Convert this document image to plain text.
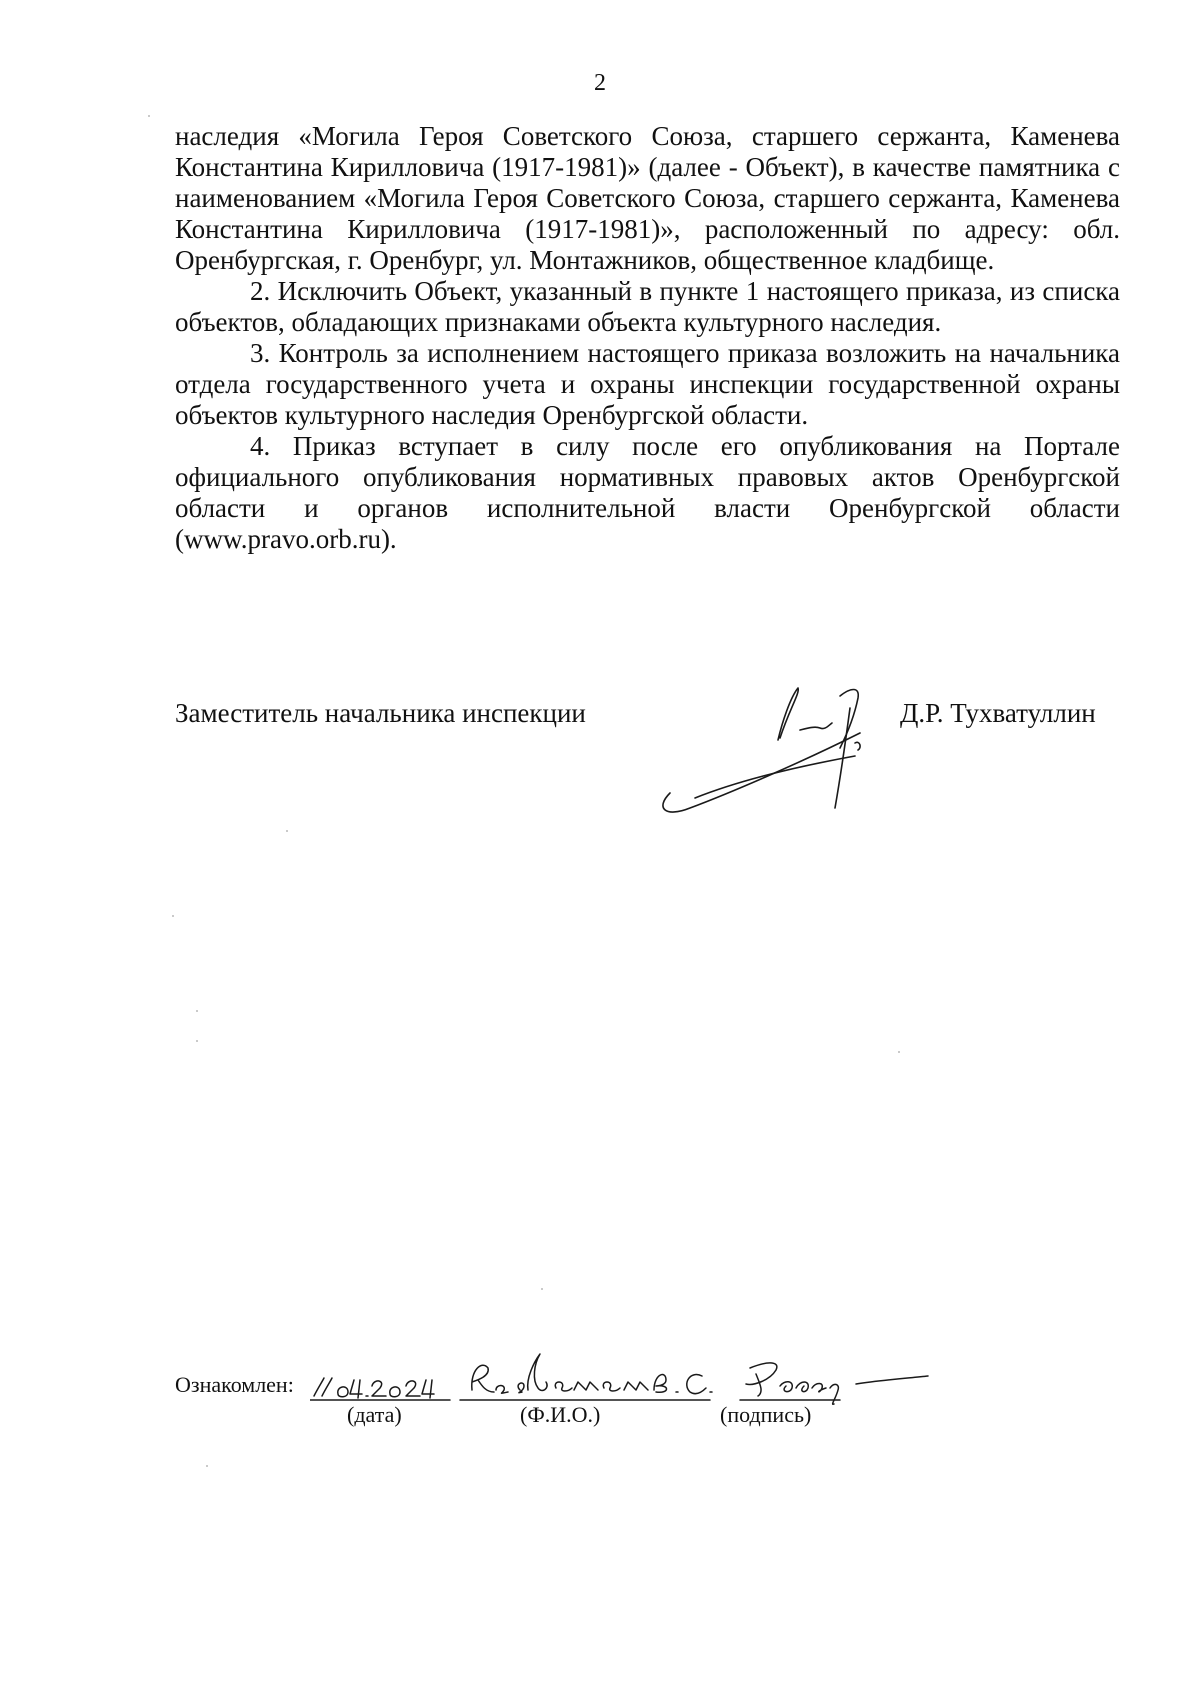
2

наследия «Могила Героя Советского Союза, старшего сержанта, Каменева Константина Кирилловича (1917-1981)» (далее - Объект), в качестве памятника с наименованием «Могила Героя Советского Союза, старшего сержанта, Каменева Константина Кирилловича (1917-1981)», расположенный по адресу: обл. Оренбургская, г. Оренбург, ул. Монтажников, общественное кладбище.

2. Исключить Объект, указанный в пункте 1 настоящего приказа, из списка объектов, обладающих признаками объекта культурного наследия.

3. Контроль за исполнением настоящего приказа возложить на начальника отдела государственного учета и охраны инспекции государственной охраны объектов культурного наследия Оренбургской области.

4. Приказ вступает в силу после его опубликования на Портале официального опубликования нормативных правовых актов Оренбургской области и органов исполнительной власти Оренбургской области (www.pravo.orb.ru).

Заместитель начальника инспекции	Д.Р. Тухватуллин
Ознакомлен:
(дата)	(Ф.И.О.)	(подпись)
